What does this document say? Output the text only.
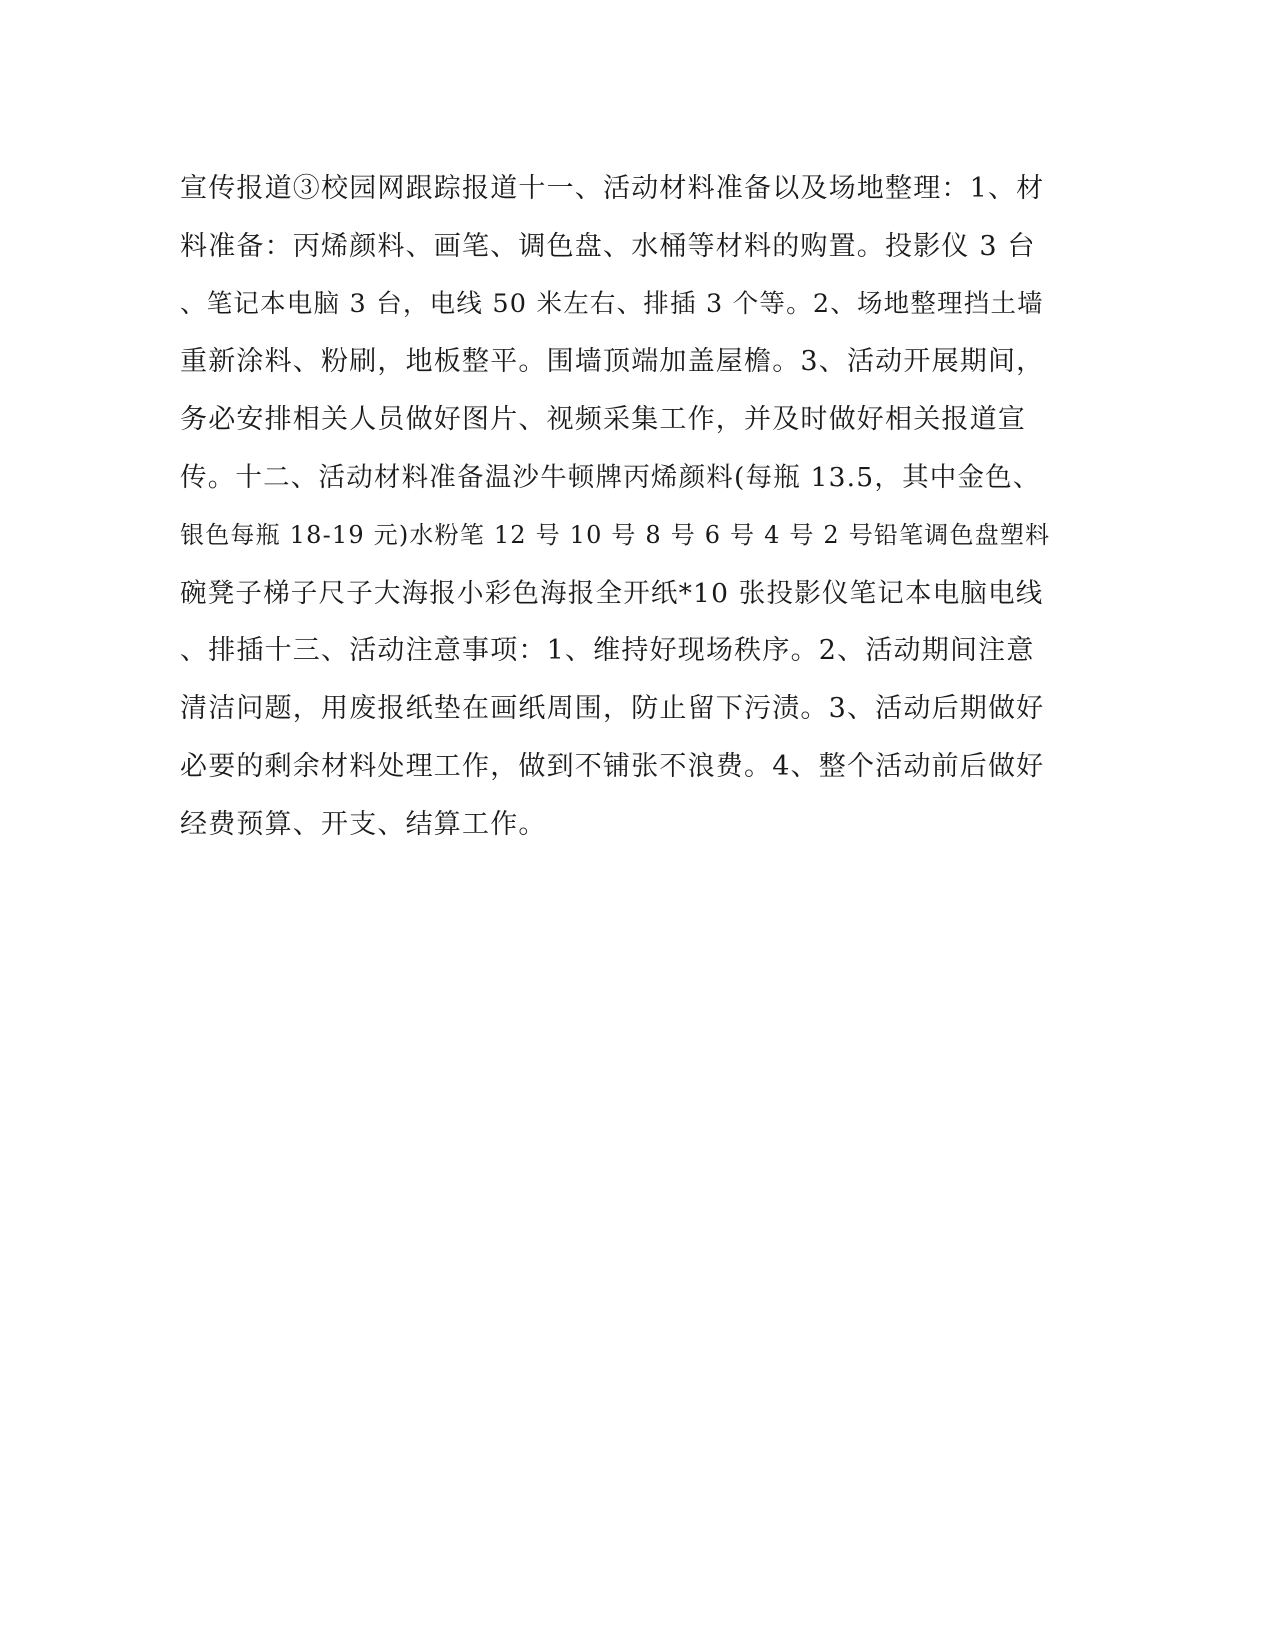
宣传报道③校园网跟踪报道十一、活动材料准备以及场地整理：1、材
料准备：丙烯颜料、画笔、调色盘、水桶等材料的购置。投影仪 3 台
、笔记本电脑 3 台，电线 50 米左右、排插 3 个等。2、场地整理挡土墙
重新涂料、粉刷，地板整平。围墙顶端加盖屋檐。3、活动开展期间，
务必安排相关人员做好图片、视频采集工作，并及时做好相关报道宣
传。十二、活动材料准备温沙牛顿牌丙烯颜料(每瓶 13.5，其中金色、
银色每瓶 18-19 元)水粉笔 12 号 10 号 8 号 6 号 4 号 2 号铅笔调色盘塑料
碗凳子梯子尺子大海报小彩色海报全开纸*10 张投影仪笔记本电脑电线
、排插十三、活动注意事项：1、维持好现场秩序。2、活动期间注意
清洁问题，用废报纸垫在画纸周围，防止留下污渍。3、活动后期做好
必要的剩余材料处理工作，做到不铺张不浪费。4、整个活动前后做好
经费预算、开支、结算工作。
